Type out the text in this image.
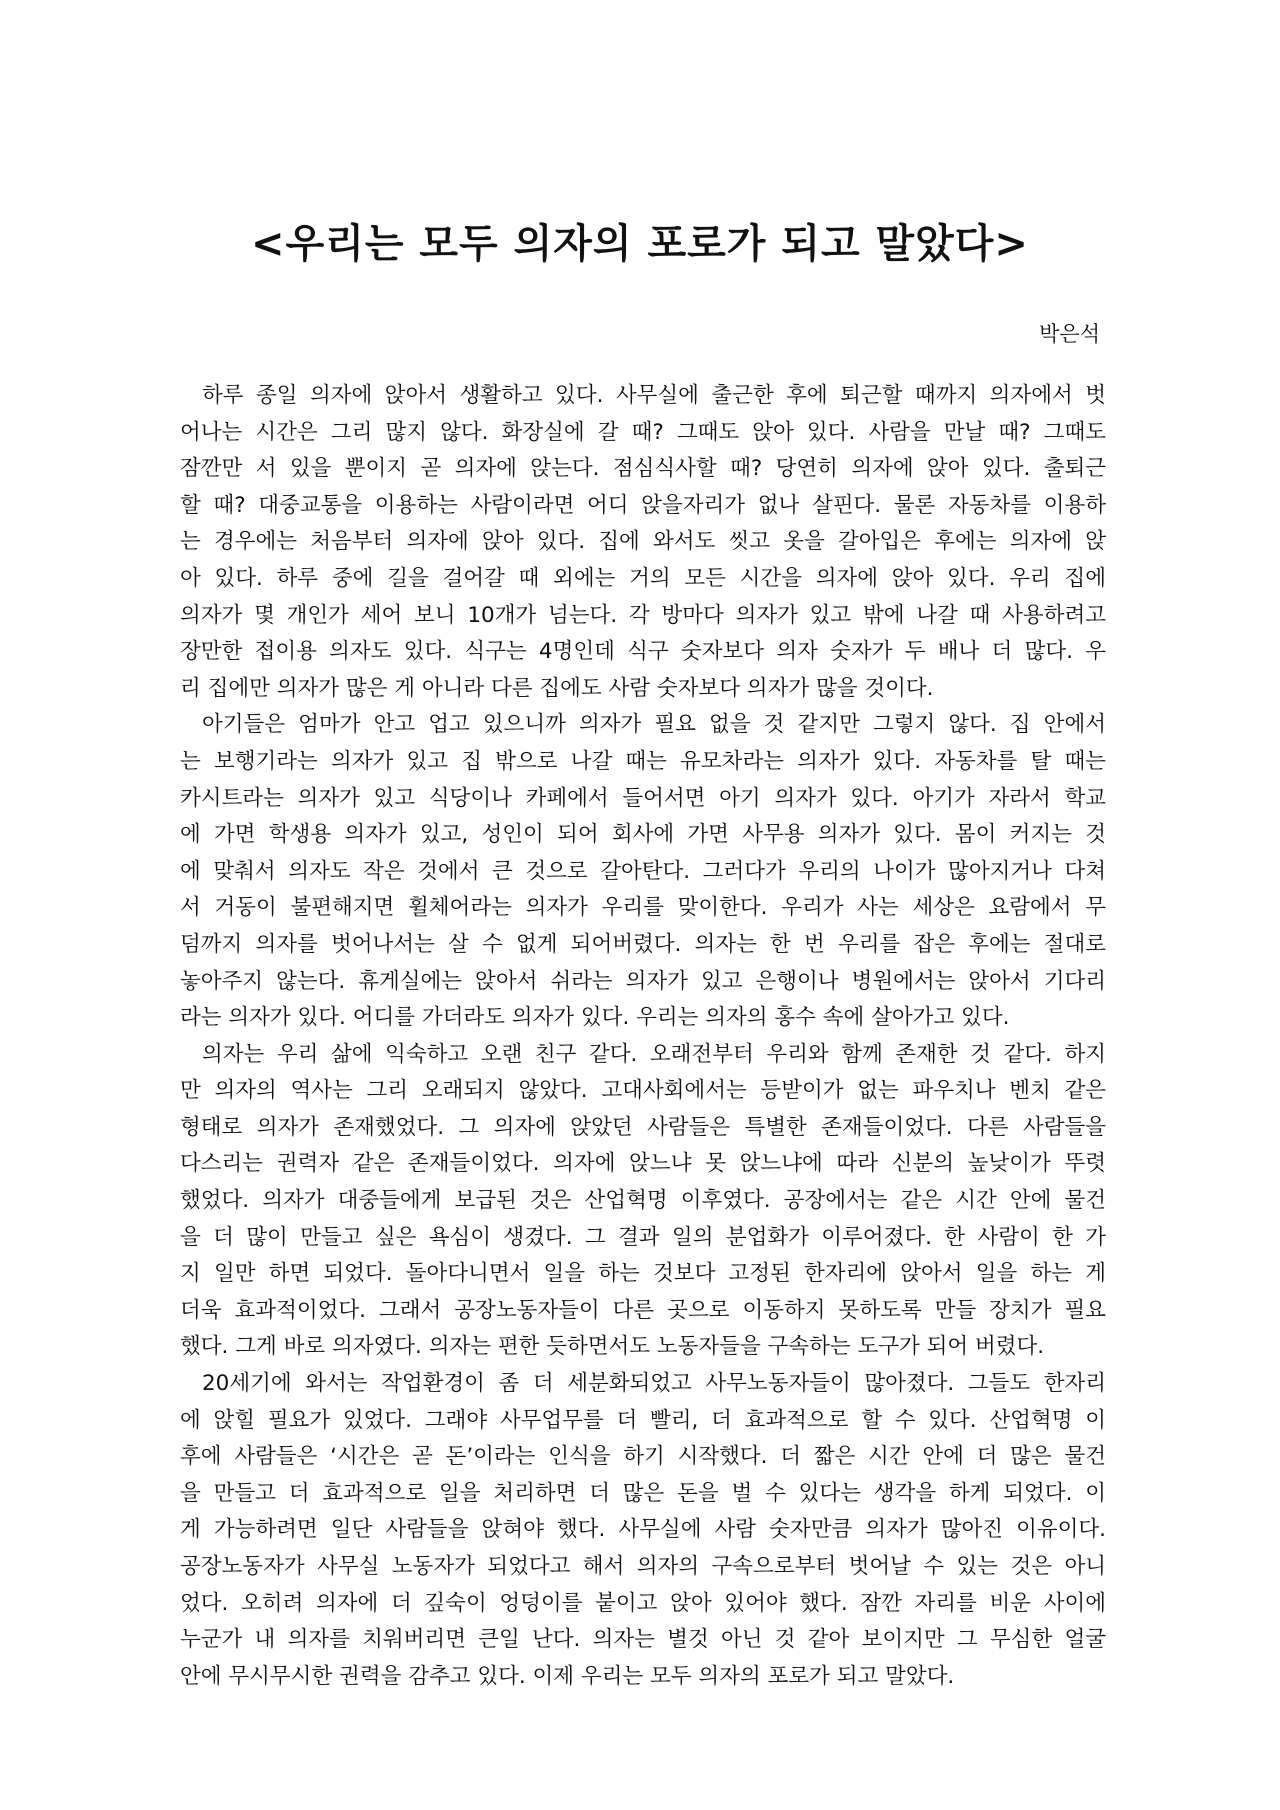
<우리는 모두 의자의 포로가 되고 말았다>
박은석
하루 종일 의자에 앉아서 생활하고 있다. 사무실에 출근한 후에 퇴근할 때까지 의자에서 벗
어나는 시간은 그리 많지 않다. 화장실에 갈 때? 그때도 앉아 있다. 사람을 만날 때? 그때도
잠깐만 서 있을 뿐이지 곧 의자에 앉는다. 점심식사할 때? 당연히 의자에 앉아 있다. 출퇴근
할 때? 대중교통을 이용하는 사람이라면 어디 앉을자리가 없나 살핀다. 물론 자동차를 이용하
는 경우에는 처음부터 의자에 앉아 있다. 집에 와서도 씻고 옷을 갈아입은 후에는 의자에 앉
아 있다. 하루 중에 길을 걸어갈 때 외에는 거의 모든 시간을 의자에 앉아 있다. 우리 집에
의자가 몇 개인가 세어 보니 10개가 넘는다. 각 방마다 의자가 있고 밖에 나갈 때 사용하려고
장만한 접이용 의자도 있다. 식구는 4명인데 식구 숫자보다 의자 숫자가 두 배나 더 많다. 우
리 집에만 의자가 많은 게 아니라 다른 집에도 사람 숫자보다 의자가 많을 것이다.
아기들은 엄마가 안고 업고 있으니까 의자가 필요 없을 것 같지만 그렇지 않다. 집 안에서
는 보행기라는 의자가 있고 집 밖으로 나갈 때는 유모차라는 의자가 있다. 자동차를 탈 때는
카시트라는 의자가 있고 식당이나 카페에서 들어서면 아기 의자가 있다. 아기가 자라서 학교
에 가면 학생용 의자가 있고, 성인이 되어 회사에 가면 사무용 의자가 있다. 몸이 커지는 것
에 맞춰서 의자도 작은 것에서 큰 것으로 갈아탄다. 그러다가 우리의 나이가 많아지거나 다쳐
서 거동이 불편해지면 휠체어라는 의자가 우리를 맞이한다. 우리가 사는 세상은 요람에서 무
덤까지 의자를 벗어나서는 살 수 없게 되어버렸다. 의자는 한 번 우리를 잡은 후에는 절대로
놓아주지 않는다. 휴게실에는 앉아서 쉬라는 의자가 있고 은행이나 병원에서는 앉아서 기다리
라는 의자가 있다. 어디를 가더라도 의자가 있다. 우리는 의자의 홍수 속에 살아가고 있다.
의자는 우리 삶에 익숙하고 오랜 친구 같다. 오래전부터 우리와 함께 존재한 것 같다. 하지
만 의자의 역사는 그리 오래되지 않았다. 고대사회에서는 등받이가 없는 파우치나 벤치 같은
형태로 의자가 존재했었다. 그 의자에 앉았던 사람들은 특별한 존재들이었다. 다른 사람들을
다스리는 권력자 같은 존재들이었다. 의자에 앉느냐 못 앉느냐에 따라 신분의 높낮이가 뚜렷
했었다. 의자가 대중들에게 보급된 것은 산업혁명 이후였다. 공장에서는 같은 시간 안에 물건
을 더 많이 만들고 싶은 욕심이 생겼다. 그 결과 일의 분업화가 이루어졌다. 한 사람이 한 가
지 일만 하면 되었다. 돌아다니면서 일을 하는 것보다 고정된 한자리에 앉아서 일을 하는 게
더욱 효과적이었다. 그래서 공장노동자들이 다른 곳으로 이동하지 못하도록 만들 장치가 필요
했다. 그게 바로 의자였다. 의자는 편한 듯하면서도 노동자들을 구속하는 도구가 되어 버렸다.
20세기에 와서는 작업환경이 좀 더 세분화되었고 사무노동자들이 많아졌다. 그들도 한자리
에 앉힐 필요가 있었다. 그래야 사무업무를 더 빨리, 더 효과적으로 할 수 있다. 산업혁명 이
후에 사람들은 ‘시간은 곧 돈’이라는 인식을 하기 시작했다. 더 짧은 시간 안에 더 많은 물건
을 만들고 더 효과적으로 일을 처리하면 더 많은 돈을 벌 수 있다는 생각을 하게 되었다. 이
게 가능하려면 일단 사람들을 앉혀야 했다. 사무실에 사람 숫자만큼 의자가 많아진 이유이다.
공장노동자가 사무실 노동자가 되었다고 해서 의자의 구속으로부터 벗어날 수 있는 것은 아니
었다. 오히려 의자에 더 깊숙이 엉덩이를 붙이고 앉아 있어야 했다. 잠깐 자리를 비운 사이에
누군가 내 의자를 치워버리면 큰일 난다. 의자는 별것 아닌 것 같아 보이지만 그 무심한 얼굴
안에 무시무시한 권력을 감추고 있다. 이제 우리는 모두 의자의 포로가 되고 말았다.
